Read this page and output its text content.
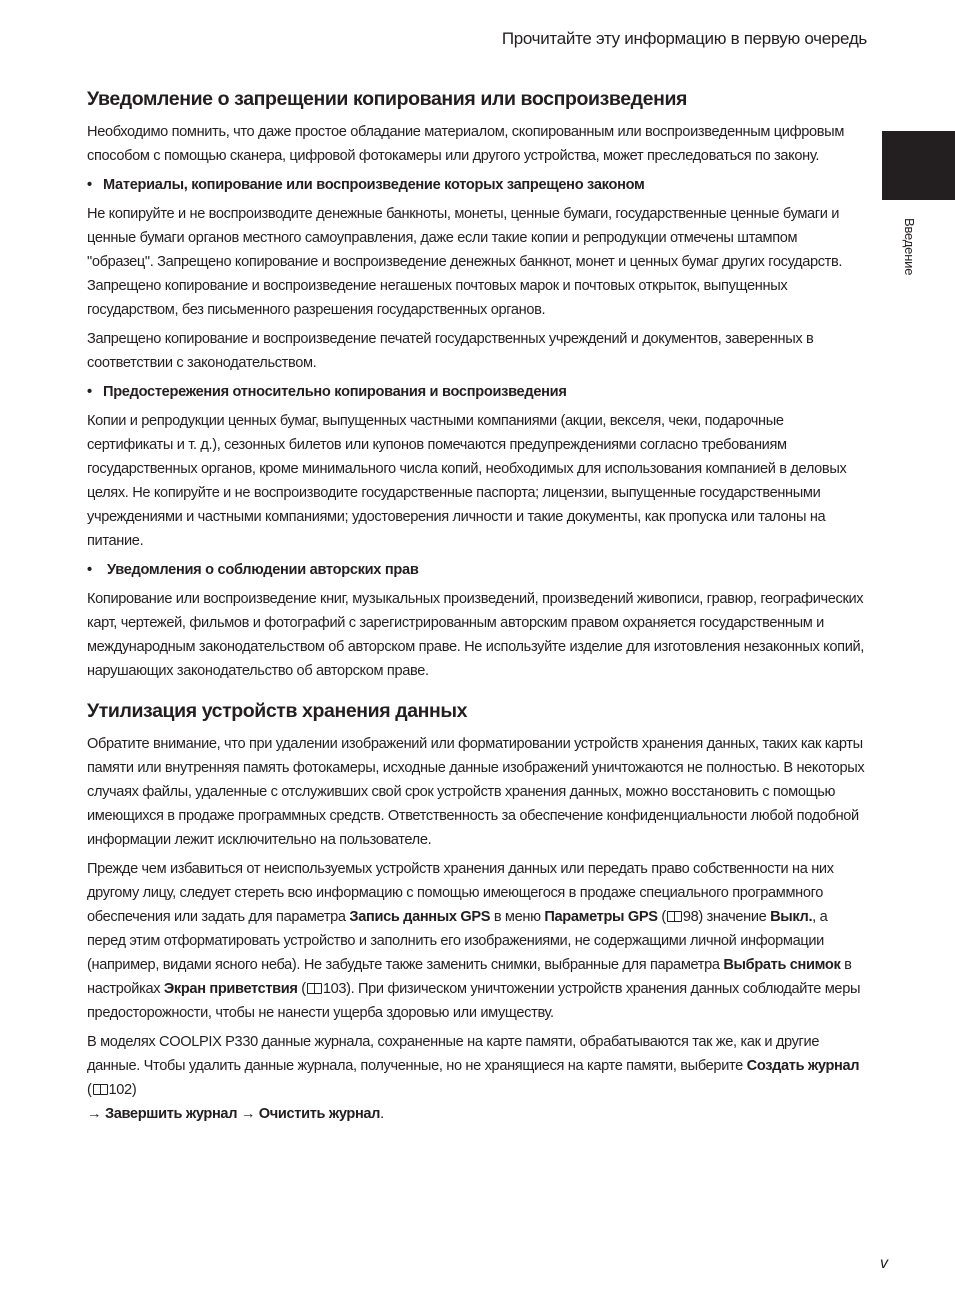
Прочитайте эту информацию в первую очередь
Введение
Уведомление о запрещении копирования или воспроизведения

Необходимо помнить, что даже простое обладание материалом, скопированным или воспроизведенным цифровым способом с помощью сканера, цифровой фотокамеры или другого устройства, может преследоваться по закону.

• Материалы, копирование или воспроизведение которых запрещено законом

Не копируйте и не воспроизводите денежные банкноты, монеты, ценные бумаги, государственные ценные бумаги и ценные бумаги органов местного самоуправления, даже если такие копии и репродукции отмечены штампом "образец". Запрещено копирование и воспроизведение денежных банкнот, монет и ценных бумаг других государств. Запрещено копирование и воспроизведение негашеных почтовых марок и почтовых открыток, выпущенных государством, без письменного разрешения государственных органов.

Запрещено копирование и воспроизведение печатей государственных учреждений и документов, заверенных в соответствии с законодательством.

• Предостережения относительно копирования и воспроизведения

Копии и репродукции ценных бумаг, выпущенных частными компаниями (акции, векселя, чеки, подарочные сертификаты и т. д.), сезонных билетов или купонов помечаются предупреждениями согласно требованиям государственных органов, кроме минимального числа копий, необходимых для использования компанией в деловых целях. Не копируйте и не воспроизводите государственные паспорта; лицензии, выпущенные государственными учреждениями и частными компаниями; удостоверения личности и такие документы, как пропуска или талоны на питание.

•	Уведомления о соблюдении авторских прав

Копирование или воспроизведение книг, музыкальных произведений, произведений живописи, гравюр, географических карт, чертежей, фильмов и фотографий с зарегистрированным авторским правом охраняется государственным и международным законодательством об авторском праве. Не используйте изделие для изготовления незаконных копий, нарушающих законодательство об авторском праве.

Утилизация устройств хранения данных

Обратите внимание, что при удалении изображений или форматировании устройств хранения данных, таких как карты памяти или внутренняя память фотокамеры, исходные данные изображений уничтожаются не полностью. В некоторых случаях файлы, удаленные с отслуживших свой срок устройств хранения данных, можно восстановить с помощью имеющихся в продаже программных средств. Ответственность за обеспечение конфиденциальности любой подобной информации лежит исключительно на пользователе.

Прежде чем избавиться от неиспользуемых устройств хранения данных или передать право собственности на них другому лицу, следует стереть всю информацию с помощью имеющегося в продаже специального программного обеспечения или задать для параметра Запись данных GPS в меню Параметры GPS ( 98) значение Выкл., а перед этим отформатировать устройство и заполнить его изображениями, не содержащими личной информации (например, видами ясного неба). Не забудьте также заменить снимки, выбранные для параметра Выбрать снимок в настройках Экран приветствия ( 103). При физическом уничтожении устройств хранения данных соблюдайте меры предосторожности, чтобы не нанести ущерба здоровью или имуществу.

В моделях COOLPIX P330 данные журнала, сохраненные на карте памяти, обрабатываются так же, как и другие данные. Чтобы удалить данные журнала, полученные, но не хранящиеся на карте памяти, выберите Создать журнал ( 102)
→ Завершить журнал → Очистить журнал.

v
